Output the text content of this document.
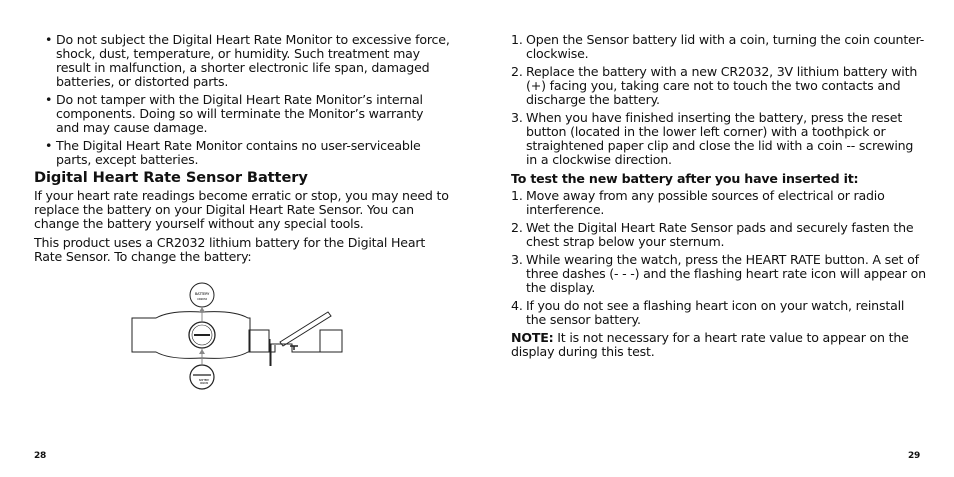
• Do not subject the Digital Heart Rate Monitor to excessive force, shock, dust, temperature, or humidity. Such treatment may result in malfunction, a shorter electronic life span, damaged batteries, or distorted parts.
• Do not tamper with the Digital Heart Rate Monitor’s internal components. Doing so will terminate the Monitor’s warranty and may cause damage.
• The Digital Heart Rate Monitor contains no user-serviceable parts, except batteries.
Digital Heart Rate Sensor Battery

If your heart rate readings become erratic or stop, you may need to replace the battery on your Digital Heart Rate Sensor. You can change the battery yourself without any special tools.

This product uses a CR2032 lithium battery for the Digital Heart Rate Sensor. To change the battery:

BATTERY
CR2032
BATTERY
CR2032
28
1. Open the Sensor battery lid with a coin, turning the coin counter-clockwise.
2. Replace the battery with a new CR2032, 3V lithium battery with (+) facing you, taking care not to touch the two contacts and discharge the battery.
3. When you have finished inserting the battery, press the reset button (located in the lower left corner) with a toothpick or straightened paper clip and close the lid with a coin -- screwing in a clockwise direction.
To test the new battery after you have inserted it:
1. Move away from any possible sources of electrical or radio interference.
2. Wet the Digital Heart Rate Sensor pads and securely fasten the chest strap below your sternum.
3. While wearing the watch, press the HEART RATE button. A set of three dashes (- - -) and the flashing heart rate icon will appear on the display.
4. If you do not see a flashing heart icon on your watch, reinstall the sensor battery.

NOTE: It is not necessary for a heart rate value to appear on the display during this test.

29
